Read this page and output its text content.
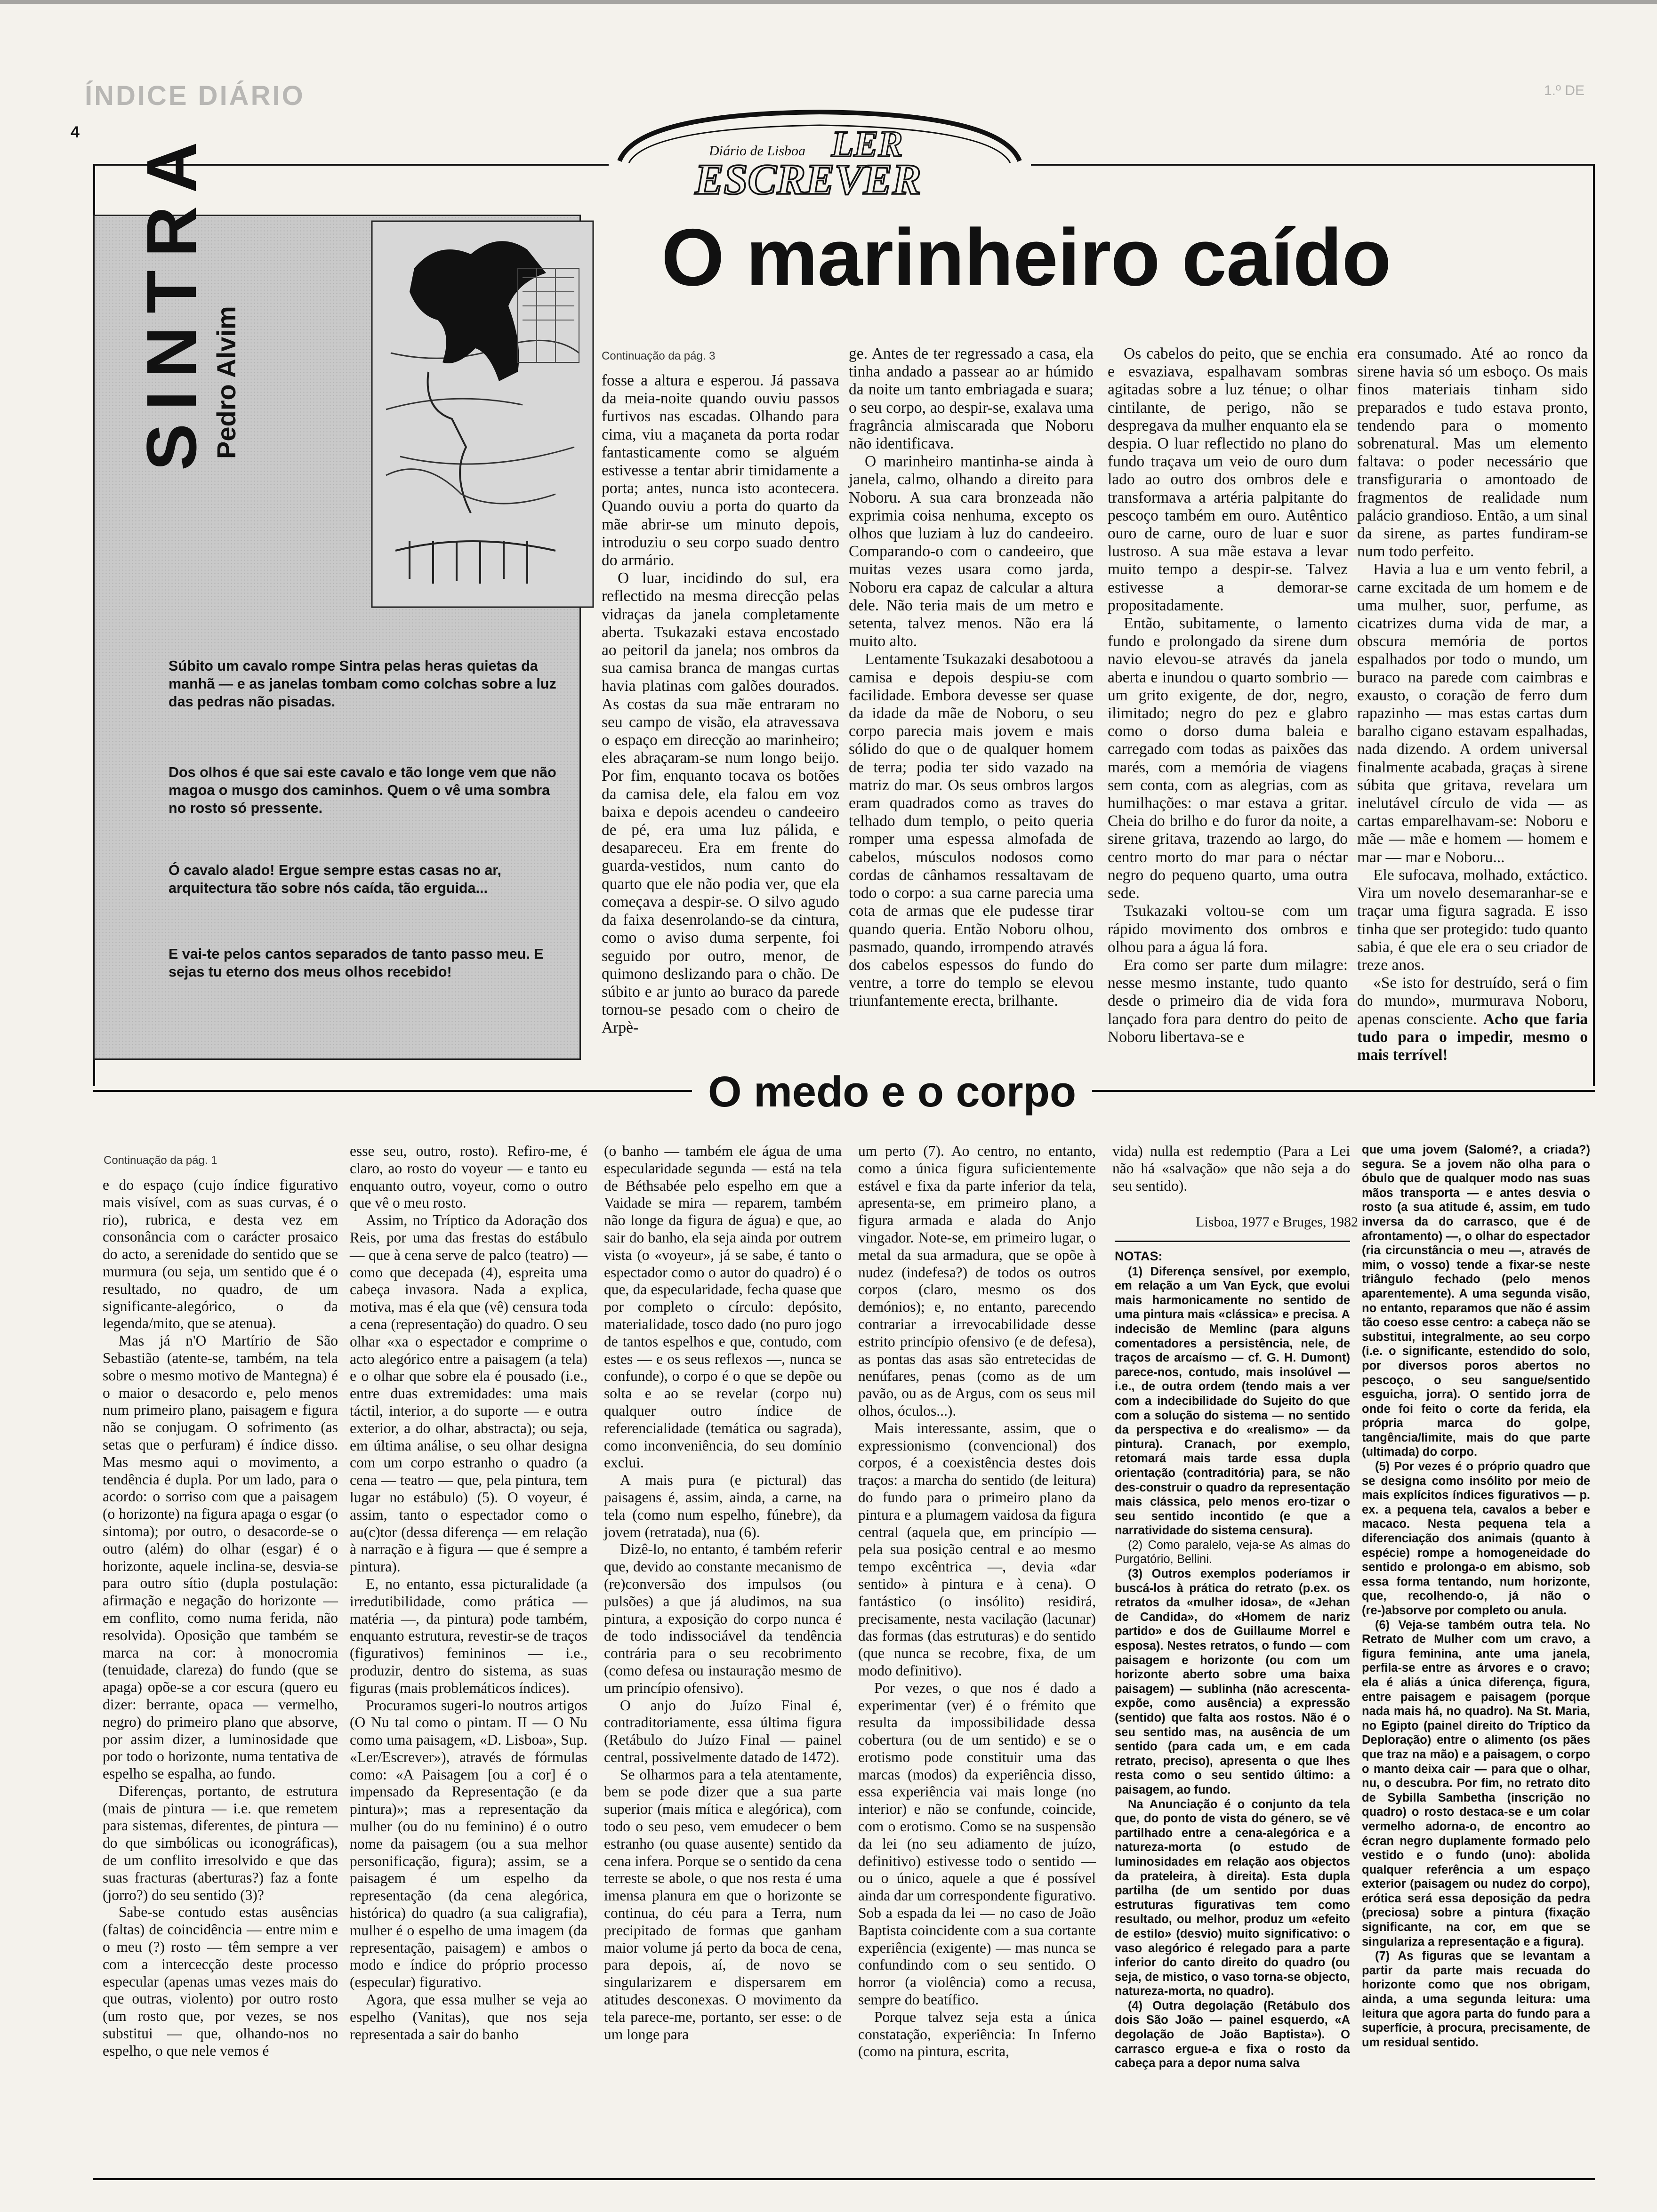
ÍNDICE DIÁRIO	1.º DE
4
Diário de Lisboa LER
ESCREVER
SINTRA Pedro Alvim
Súbito um cavalo rompe Sintra pelas heras quietas da manhã — e as janelas tombam como colchas sobre a luz das pedras não pisadas.
Dos olhos é que sai este cavalo e tão longe vem que não magoa o musgo dos caminhos. Quem o vê uma sombra no rosto só pressente.
Ó cavalo alado! Ergue sempre estas casas no ar, arquitectura tão sobre nós caída, tão erguida...
E vai-te pelos cantos separados de tanto passo meu. E sejas tu eterno dos meus olhos recebido!
O marinheiro caído
Continuação da pág. 3

fosse a altura e esperou. Já passava da meia-noite quando ouviu passos furtivos nas escadas. Olhando para cima, viu a maçaneta da porta rodar fantasticamente como se alguém estivesse a tentar abrir timidamente a porta; antes, nunca isto acontecera. Quando ouviu a porta do quarto da mãe abrir-se um minuto depois, introduziu o seu corpo suado dentro do armário.

O luar, incidindo do sul, era reflectido na mesma direcção pelas vidraças da janela completamente aberta. Tsukazaki estava encostado ao peitoril da janela; nos ombros da sua camisa branca de mangas curtas havia platinas com galões dourados. As costas da sua mãe entraram no seu campo de visão, ela atravessava o espaço em direcção ao marinheiro; eles abraçaram-se num longo beijo. Por fim, enquanto tocava os botões da camisa dele, ela falou em voz baixa e depois acendeu o candeeiro de pé, era uma luz pálida, e desapareceu. Era em frente do guarda-vestidos, num canto do quarto que ele não podia ver, que ela começava a despir-se. O silvo agudo da faixa desenrolando-se da cintura, como o aviso duma serpente, foi seguido por outro, menor, de quimono deslizando para o chão. De súbito e ar junto ao buraco da parede tornou-se pesado com o cheiro de Arpè-

ge. Antes de ter regressado a casa, ela tinha andado a passear ao ar húmido da noite um tanto embriagada e suara; o seu corpo, ao despir-se, exalava uma fragrância almiscarada que Noboru não identificava.

O marinheiro mantinha-se ainda à janela, calmo, olhando a direito para Noboru. A sua cara bronzeada não exprimia coisa nenhuma, excepto os olhos que luziam à luz do candeeiro. Comparando-o com o candeeiro, que muitas vezes usara como jarda, Noboru era capaz de calcular a altura dele. Não teria mais de um metro e setenta, talvez menos. Não era lá muito alto.

Lentamente Tsukazaki desabotoou a camisa e depois despiu-se com facilidade. Embora devesse ser quase da idade da mãe de Noboru, o seu corpo parecia mais jovem e mais sólido do que o de qualquer homem de terra; podia ter sido vazado na matriz do mar. Os seus ombros largos eram quadrados como as traves do telhado dum templo, o peito queria romper uma espessa almofada de cabelos, músculos nodosos como cordas de cânhamos ressaltavam de todo o corpo: a sua carne parecia uma cota de armas que ele pudesse tirar quando queria. Então Noboru olhou, pasmado, quando, irrompendo através dos cabelos espessos do fundo do ventre, a torre do templo se elevou triunfantemente erecta, brilhante.

Os cabelos do peito, que se enchia e esvaziava, espalhavam sombras agitadas sobre a luz ténue; o olhar cintilante, de perigo, não se despregava da mulher enquanto ela se despia. O luar reflectido no plano do fundo traçava um veio de ouro dum lado ao outro dos ombros dele e transformava a artéria palpitante do pescoço também em ouro. Autêntico ouro de carne, ouro de luar e suor lustroso. A sua mãe estava a levar muito tempo a despir-se. Talvez estivesse a demorar-se propositadamente.

Então, subitamente, o lamento fundo e prolongado da sirene dum navio elevou-se através da janela aberta e inundou o quarto sombrio — um grito exigente, de dor, negro, ilimitado; negro do pez e glabro como o dorso duma baleia e carregado com todas as paixões das marés, com a memória de viagens sem conta, com as alegrias, com as humilhações: o mar estava a gritar. Cheia do brilho e do furor da noite, a sirene gritava, trazendo ao largo, do centro morto do mar para o néctar negro do pequeno quarto, uma outra sede.

Tsukazaki voltou-se com um rápido movimento dos ombros e olhou para a água lá fora.

Era como ser parte dum milagre: nesse mesmo instante, tudo quanto desde o primeiro dia de vida fora lançado fora para dentro do peito de Noboru libertava-se e

era consumado. Até ao ronco da sirene havia só um esboço. Os mais finos materiais tinham sido preparados e tudo estava pronto, tendendo para o momento sobrenatural. Mas um elemento faltava: o poder necessário que transfiguraria o amontoado de fragmentos de realidade num palácio grandioso. Então, a um sinal da sirene, as partes fundiram-se num todo perfeito.

Havia a lua e um vento febril, a carne excitada de um homem e de uma mulher, suor, perfume, as cicatrizes duma vida de mar, a obscura memória de portos espalhados por todo o mundo, um buraco na parede com caimbras e exausto, o coração de ferro dum rapazinho — mas estas cartas dum baralho cigano estavam espalhadas, nada dizendo. A ordem universal finalmente acabada, graças à sirene súbita que gritava, revelara um inelutável círculo de vida — as cartas emparelhavam-se: Noboru e mãe — mãe e homem — homem e mar — mar e Noboru...

Ele sufocava, molhado, extáctico. Vira um novelo desemaranhar-se e traçar uma figura sagrada. E isso tinha que ser protegido: tudo quanto sabia, é que ele era o seu criador de treze anos.

«Se isto for destruído, será o fim do mundo», murmurava Noboru, apenas consciente. Acho que faria tudo para o impedir, mesmo o mais terrível!

O medo e o corpo
Continuação da pág. 1

e do espaço (cujo índice figurativo mais visível, com as suas curvas, é o rio), rubrica, e desta vez em consonância com o carácter prosaico do acto, a serenidade do sentido que se murmura (ou seja, um sentido que é o resultado, no quadro, de um significante-alegórico, o da legenda/mito, que se atenua).

Mas já n'O Martírio de São Sebastião (atente-se, também, na tela sobre o mesmo motivo de Mantegna) é o maior o desacordo e, pelo menos num primeiro plano, paisagem e figura não se conjugam. O sofrimento (as setas que o perfuram) é índice disso. Mas mesmo aqui o movimento, a tendência é dupla. Por um lado, para o acordo: o sorriso com que a paisagem (o horizonte) na figura apaga o esgar (o sintoma); por outro, o desacorde-se o outro (além) do olhar (esgar) é o horizonte, aquele inclina-se, desvia-se para outro sítio (dupla postulação: afirmação e negação do horizonte — em conflito, como numa ferida, não resolvida). Oposição que também se marca na cor: à monocromia (tenuidade, clareza) do fundo (que se apaga) opõe-se a cor escura (quero eu dizer: berrante, opaca — vermelho, negro) do primeiro plano que absorve, por assim dizer, a luminosidade que por todo o horizonte, numa tentativa de espelho se espalha, ao fundo.

Diferenças, portanto, de estrutura (mais de pintura — i.e. que remetem para sistemas, diferentes, de pintura — do que simbólicas ou iconográficas), de um conflito irresolvido e que das suas fracturas (aberturas?) faz a fonte (jorro?) do seu sentido (3)?

Sabe-se contudo estas ausências (faltas) de coincidência — entre mim e o meu (?) rosto — têm sempre a ver com a intercecção deste processo especular (apenas umas vezes mais do que outras, violento) por outro rosto (um rosto que, por vezes, se nos substitui — que, olhando-nos no espelho, o que nele vemos é

esse seu, outro, rosto). Refiro-me, é claro, ao rosto do voyeur — e tanto eu enquanto outro, voyeur, como o outro que vê o meu rosto.

Assim, no Tríptico da Adoração dos Reis, por uma das frestas do estábulo — que à cena serve de palco (teatro) — como que decepada (4), espreita uma cabeça invasora. Nada a explica, motiva, mas é ela que (vê) censura toda a cena (representação) do quadro. O seu olhar «xa o espectador e comprime o acto alegórico entre a paisagem (a tela) e o olhar que sobre ela é pousado (i.e., entre duas extremidades: uma mais táctil, interior, a do suporte — e outra exterior, a do olhar, abstracta); ou seja, em última análise, o seu olhar designa com um corpo estranho o quadro (a cena — teatro — que, pela pintura, tem lugar no estábulo) (5). O voyeur, é assim, tanto o espectador como o au(c)tor (dessa diferença — em relação à narração e à figura — que é sempre a pintura).

E, no entanto, essa picturalidade (a irredutibilidade, como prática — matéria —, da pintura) pode também, enquanto estrutura, revestir-se de traços (figurativos) femininos — i.e., produzir, dentro do sistema, as suas figuras (mais problemáticos índices).

Procuramos sugeri-lo noutros artigos (O Nu tal como o pintam. II — O Nu como uma paisagem, «D. Lisboa», Sup. «Ler/Escrever»), através de fórmulas como: «A Paisagem [ou a cor] é o impensado da Representação (e da pintura)»; mas a representação da mulher (ou do nu feminino) é o outro nome da paisagem (ou a sua melhor personificação, figura); assim, se a paisagem é um espelho da representação (da cena alegórica, histórica) do quadro (a sua caligrafia), mulher é o espelho de uma imagem (da representação, paisagem) e ambos o modo e índice do próprio processo (especular) figurativo.

Agora, que essa mulher se veja ao espelho (Vanitas), que nos seja representada a sair do banho

(o banho — também ele água de uma especularidade segunda — está na tela de Béthsabée pelo espelho em que a Vaidade se mira — reparem, também não longe da figura de água) e que, ao sair do banho, ela seja ainda por outrem vista (o «voyeur», já se sabe, é tanto o espectador como o autor do quadro) é o que, da especularidade, fecha quase que por completo o círculo: depósito, materialidade, tosco dado (no puro jogo de tantos espelhos e que, contudo, com estes — e os seus reflexos —, nunca se confunde), o corpo é o que se depõe ou solta e ao se revelar (corpo nu) qualquer outro índice de referencialidade (temática ou sagrada), como inconveniência, do seu domínio exclui.

A mais pura (e pictural) das paisagens é, assim, ainda, a carne, na tela (como num espelho, fúnebre), da jovem (retratada), nua (6).

Dizê-lo, no entanto, é também referir que, devido ao constante mecanismo de (re)conversão dos impulsos (ou pulsões) a que já aludimos, na sua pintura, a exposição do corpo nunca é de todo indissociável da tendência contrária para o seu recobrimento (como defesa ou instauração mesmo de um princípio ofensivo).

O anjo do Juízo Final é, contraditoriamente, essa última figura (Retábulo do Juízo Final — painel central, possivelmente datado de 1472).

Se olharmos para a tela atentamente, bem se pode dizer que a sua parte superior (mais mítica e alegórica), com todo o seu peso, vem emudecer o bem estranho (ou quase ausente) sentido da cena infera. Porque se o sentido da cena terreste se abole, o que nos resta é uma imensa planura em que o horizonte se continua, do céu para a Terra, num precipitado de formas que ganham maior volume já perto da boca de cena, para depois, aí, de novo se singularizarem e dispersarem em atitudes desconexas. O movimento da tela parece-me, portanto, ser esse: o de um longe para

um perto (7). Ao centro, no entanto, como a única figura suficientemente estável e fixa da parte inferior da tela, apresenta-se, em primeiro plano, a figura armada e alada do Anjo vingador. Note-se, em primeiro lugar, o metal da sua armadura, que se opõe à nudez (indefesa?) de todos os outros corpos (claro, mesmo os dos demónios); e, no entanto, parecendo contrariar a irrevocabilidade desse estrito princípio ofensivo (e de defesa), as pontas das asas são entretecidas de nenúfares, penas (como as de um pavão, ou as de Argus, com os seus mil olhos, óculos...).

Mais interessante, assim, que o expressionismo (convencional) dos corpos, é a coexistência destes dois traços: a marcha do sentido (de leitura) do fundo para o primeiro plano da pintura e a plumagem vaidosa da figura central (aquela que, em princípio — pela sua posição central e ao mesmo tempo excêntrica —, devia «dar sentido» à pintura e à cena). O fantástico (o insólito) residirá, precisamente, nesta vacilação (lacunar) das formas (das estruturas) e do sentido (que nunca se recobre, fixa, de um modo definitivo).

Por vezes, o que nos é dado a experimentar (ver) é o frémito que resulta da impossibilidade dessa cobertura (ou de um sentido) e se o erotismo pode constituir uma das marcas (modos) da experiência disso, essa experiência vai mais longe (no interior) e não se confunde, coincide, com o erotismo. Como se na suspensão da lei (no seu adiamento de juízo, definitivo) estivesse todo o sentido — ou o único, aquele a que é possível ainda dar um correspondente figurativo. Sob a espada da lei — no caso de João Baptista coincidente com a sua cortante experiência (exigente) — mas nunca se confundindo com o seu sentido. O horror (a violência) como a recusa, sempre do beatífico.

Porque talvez seja esta a única constatação, experiência: In Inferno (como na pintura, escrita,

vida) nulla est redemptio (Para a Lei não há «salvação» que não seja a do seu sentido).

Lisboa, 1977 e Bruges, 1982
NOTAS:

(1) Diferença sensível, por exemplo, em relação a um Van Eyck, que evolui mais harmonicamente no sentido de uma pintura mais «clássica» e precisa. A indecisão de Memlinc (para alguns comentadores a persistência, nele, de traços de arcaísmo — cf. G. H. Dumont) parece-nos, contudo, mais insolúvel — i.e., de outra ordem (tendo mais a ver com a indecibilidade do Sujeito do que com a solução do sistema — no sentido da perspectiva e do «realismo» — da pintura). Cranach, por exemplo, retomará mais tarde essa dupla orientação (contraditória) para, se não des-construir o quadro da representação mais clássica, pelo menos ero-tizar o seu sentido incontido (e que a narratividade do sistema censura).

(2) Como paralelo, veja-se As almas do Purgatório, Bellini.

(3) Outros exemplos poderíamos ir buscá-los à prática do retrato (p.ex. os retratos da «mulher idosa», de «Jehan de Candida», do «Homem de nariz partido» e dos de Guillaume Morrel e esposa). Nestes retratos, o fundo — com paisagem e horizonte (ou com um horizonte aberto sobre uma baixa paisagem) — sublinha (não acrescenta-expõe, como ausência) a expressão (sentido) que falta aos rostos. Não é o seu sentido mas, na ausência de um sentido (para cada um, e em cada retrato, preciso), apresenta o que lhes resta como o seu sentido último: a paisagem, ao fundo.

Na Anunciação é o conjunto da tela que, do ponto de vista do género, se vê partilhado entre a cena-alegórica e a natureza-morta (o estudo de luminosidades em relação aos objectos da prateleira, à direita). Esta dupla partilha (de um sentido por duas estruturas figurativas tem como resultado, ou melhor, produz um «efeito de estilo» (desvio) muito significativo: o vaso alegórico é relegado para a parte inferior do canto direito do quadro (ou seja, de misticо, o vaso torna-se objecto, natureza-morta, no quadro).

(4) Outra degolação (Retábulo dos dois São João — painel esquerdo, «A degolação de João Baptista»). O carrasco ergue-a e fixa o rosto da cabeça para a depor numa salva

que uma jovem (Salomé?, a criada?) segura. Se a jovem não olha para o óbulo que de qualquer modo nas suas mãos transporta — e antes desvia o rosto (a sua atitude é, assim, em tudo inversa da do carrasco, que é de afrontamento) —, o olhar do espectador (ria circunstância o meu —, através de mim, o vosso) tende a fixar-se neste triângulo fechado (pelo menos aparentemente). A uma segunda visão, no entanto, reparamos que não é assim tão coeso esse centro: a cabeça não se substitui, integralmente, ao seu corpo (i.e. o significante, estendido do solo, por diversos poros abertos no pescoço, o seu sangue/sentido esguicha, jorra). O sentido jorra de onde foi feito o corte da ferida, ela própria marca do golpe, tangência/limite, mais do que parte (ultimada) do corpo.

(5) Por vezes é o próprio quadro que se designa como insólito por meio de mais explícitos índices figurativos — p. ex. a pequena tela, cavalos a beber e macaco. Nesta pequena tela a diferenciação dos animais (quanto à espécie) rompe a homogeneidade do sentido e prolonga-o em abismo, sob essa forma tentando, num horizonte, que, recolhendo-o, já não o (re-)absorve por completo ou anula.

(6) Veja-se também outra tela. No Retrato de Mulher com um cravo, a figura feminina, ante uma janela, perfila-se entre as árvores e o cravo; ela é aliás a única diferença, figura, entre paisagem e paisagem (porque nada mais há, no quadro). Na St. Maria, no Egipto (painel direito do Tríptico da Deploração) entre o alimento (os pães que traz na mão) e a paisagem, o corpo o manto deixa cair — para que o olhar, nu, o descubra. Por fim, no retrato dito de Sybilla Sambetha (inscrição no quadro) o rosto destaca-se e um colar vermelho adorna-o, de encontro ao écran negro duplamente formado pelo vestido e o fundo (uno): abolida qualquer referência a um espaço exterior (paisagem ou nudez do corpo), erótica será essa deposição da pedra (preciosa) sobre a pintura (fixação significante, na cor, em que se singulariza a representação e a figura).

(7) As figuras que se levantam a partir da parte mais recuada do horizonte como que nos obrigam, ainda, a uma segunda leitura: uma leitura que agora parta do fundo para a superfície, à procura, precisamente, de um residual sentido.
